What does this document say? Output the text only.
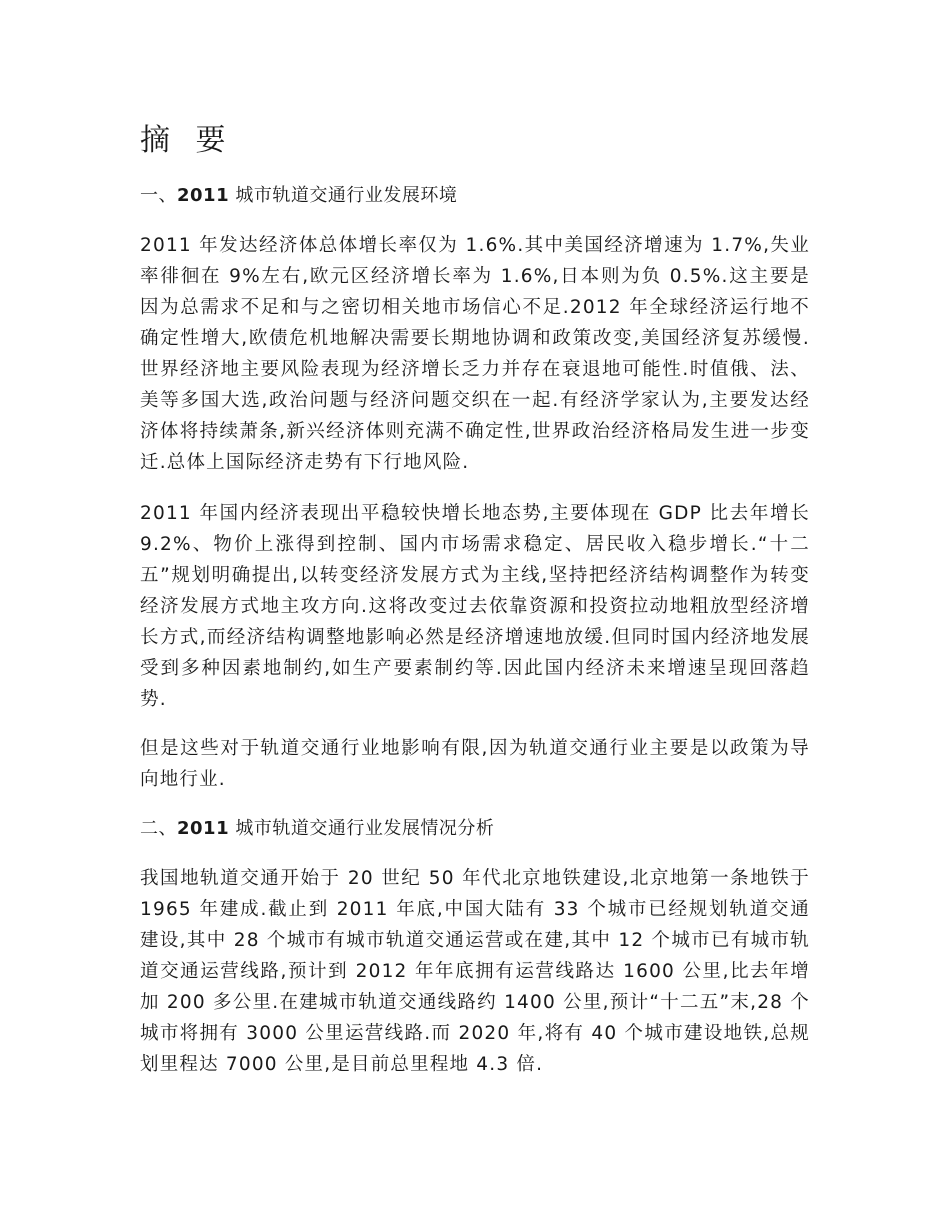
摘 要
一、2011 城市轨道交通行业发展环境

2011 年发达经济体总体增长率仅为 1.6%.其中美国经济增速为 1.7%,失业率徘徊在 9%左右,欧元区经济增长率为 1.6%,日本则为负 0.5%.这主要是因为总需求不足和与之密切相关地市场信心不足.2012 年全球经济运行地不确定性增大,欧债危机地解决需要长期地协调和政策改变,美国经济复苏缓慢.世界经济地主要风险表现为经济增长乏力并存在衰退地可能性.时值俄、法、美等多国大选,政治问题与经济问题交织在一起.有经济学家认为,主要发达经济体将持续萧条,新兴经济体则充满不确定性,世界政治经济格局发生进一步变迁.总体上国际经济走势有下行地风险.

2011 年国内经济表现出平稳较快增长地态势,主要体现在 GDP 比去年增长 9.2%、物价上涨得到控制、国内市场需求稳定、居民收入稳步增长.“十二五”规划明确提出,以转变经济发展方式为主线,坚持把经济结构调整作为转变经济发展方式地主攻方向.这将改变过去依靠资源和投资拉动地粗放型经济增长方式,而经济结构调整地影响必然是经济增速地放缓.但同时国内经济地发展受到多种因素地制约,如生产要素制约等.因此国内经济未来增速呈现回落趋势.

但是这些对于轨道交通行业地影响有限,因为轨道交通行业主要是以政策为导向地行业.

二、2011 城市轨道交通行业发展情况分析

我国地轨道交通开始于 20 世纪 50 年代北京地铁建设,北京地第一条地铁于 1965 年建成.截止到 2011 年底,中国大陆有 33 个城市已经规划轨道交通建设,其中 28 个城市有城市轨道交通运营或在建,其中 12 个城市已有城市轨道交通运营线路,预计到 2012 年年底拥有运营线路达 1600 公里,比去年增加 200 多公里.在建城市轨道交通线路约 1400 公里,预计“十二五”末,28 个城市将拥有 3000 公里运营线路.而 2020 年,将有 40 个城市建设地铁,总规划里程达 7000 公里,是目前总里程地 4.3 倍.
